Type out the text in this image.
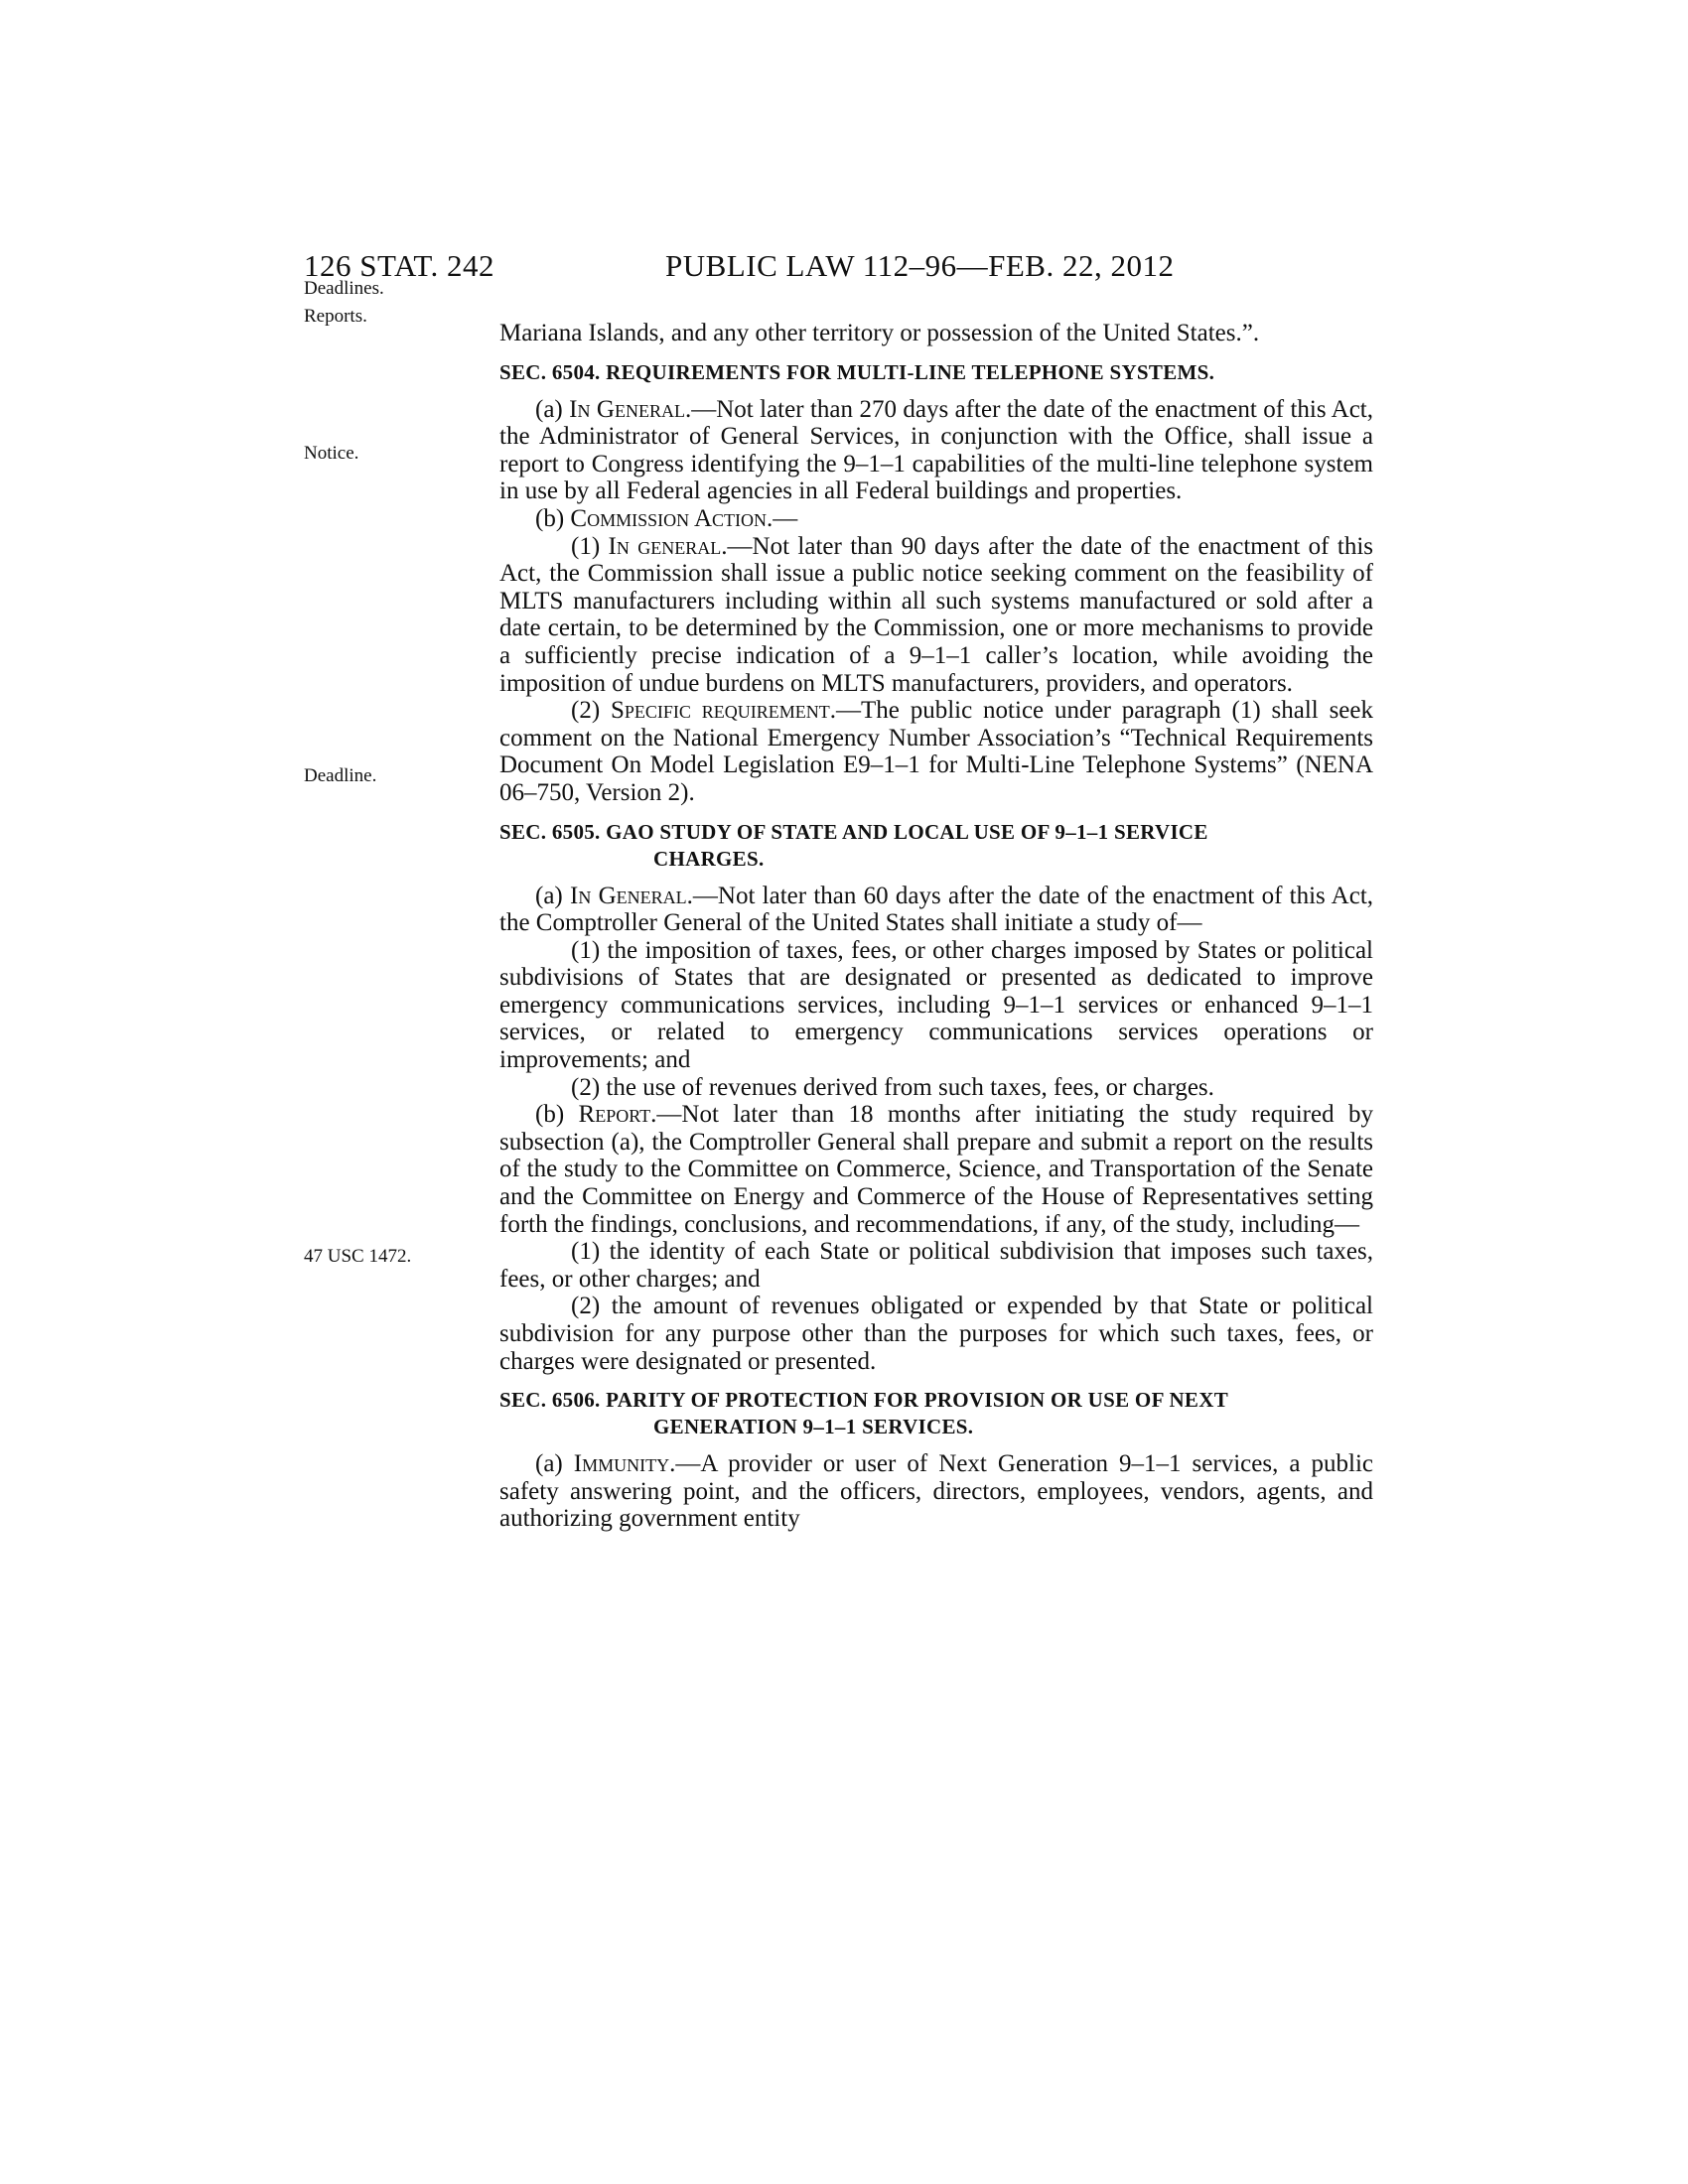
126 STAT. 242	PUBLIC LAW 112–96—FEB. 22, 2012
Deadlines.
Reports.
Notice.
Deadline.
47 USC 1472.

Mariana Islands, and any other territory or possession of the United States.”.

SEC. 6504. REQUIREMENTS FOR MULTI-LINE TELEPHONE SYSTEMS.

(a) In General.—Not later than 270 days after the date of the enactment of this Act, the Administrator of General Services, in conjunction with the Office, shall issue a report to Congress identifying the 9–1–1 capabilities of the multi-line telephone system in use by all Federal agencies in all Federal buildings and properties.

(b) Commission Action.—

(1) In general.—Not later than 90 days after the date of the enactment of this Act, the Commission shall issue a public notice seeking comment on the feasibility of MLTS manufacturers including within all such systems manufactured or sold after a date certain, to be determined by the Commission, one or more mechanisms to provide a sufficiently precise indication of a 9–1–1 caller’s location, while avoiding the imposition of undue burdens on MLTS manufacturers, providers, and operators.

(2) Specific requirement.—The public notice under paragraph (1) shall seek comment on the National Emergency Number Association’s “Technical Requirements Document On Model Legislation E9–1–1 for Multi-Line Telephone Systems” (NENA 06–750, Version 2).

SEC. 6505. GAO STUDY OF STATE AND LOCAL USE OF 9–1–1 SERVICE
CHARGES.

(a) In General.—Not later than 60 days after the date of the enactment of this Act, the Comptroller General of the United States shall initiate a study of—

(1) the imposition of taxes, fees, or other charges imposed by States or political subdivisions of States that are designated or presented as dedicated to improve emergency communications services, including 9–1–1 services or enhanced 9–1–1 services, or related to emergency communications services operations or improvements; and

(2) the use of revenues derived from such taxes, fees, or charges.

(b) Report.—Not later than 18 months after initiating the study required by subsection (a), the Comptroller General shall prepare and submit a report on the results of the study to the Committee on Commerce, Science, and Transportation of the Senate and the Committee on Energy and Commerce of the House of Representatives setting forth the findings, conclusions, and recommendations, if any, of the study, including—

(1) the identity of each State or political subdivision that imposes such taxes, fees, or other charges; and

(2) the amount of revenues obligated or expended by that State or political subdivision for any purpose other than the purposes for which such taxes, fees, or charges were designated or presented.

SEC. 6506. PARITY OF PROTECTION FOR PROVISION OR USE OF NEXT
GENERATION 9–1–1 SERVICES.

(a) Immunity.—A provider or user of Next Generation 9–1–1 services, a public safety answering point, and the officers, directors, employees, vendors, agents, and authorizing government entity
